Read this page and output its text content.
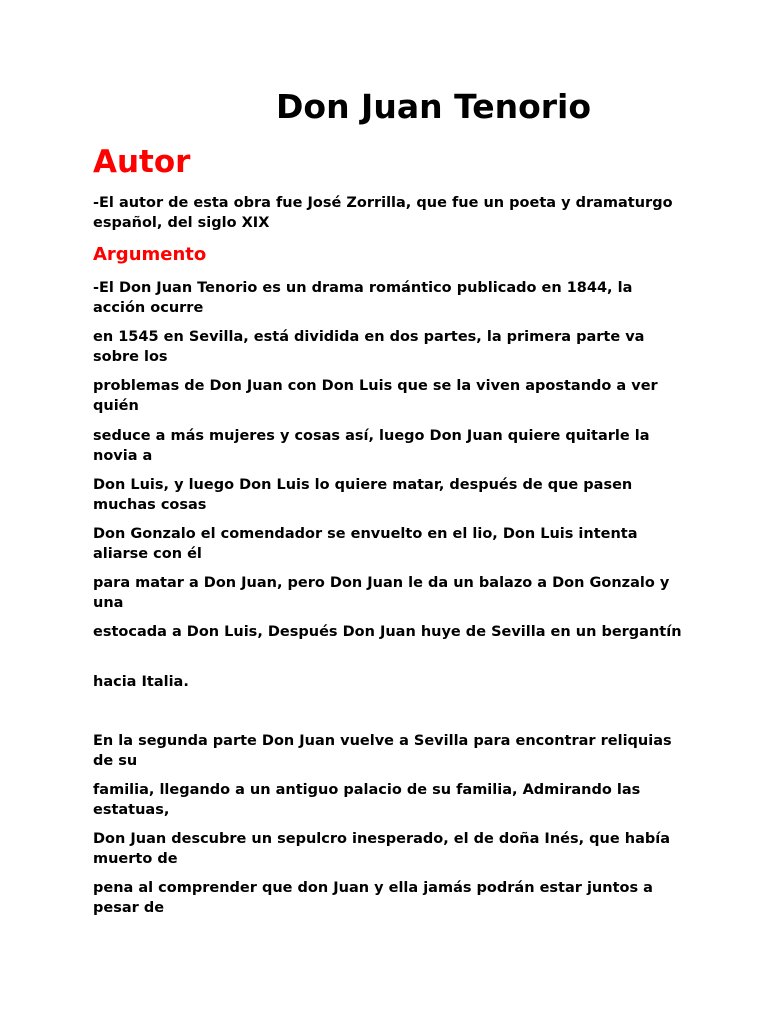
Don Juan Tenorio
Autor

-El autor de esta obra fue José Zorrilla, que fue un poeta y dramaturgo español, del siglo XIX

Argumento

-El Don Juan Tenorio es un drama romántico publicado en 1844, la acción ocurre

en 1545 en Sevilla, está dividida en dos partes, la primera parte va sobre los

problemas de Don Juan con Don Luis que se la viven apostando a ver quién

seduce a más mujeres y cosas así, luego Don Juan quiere quitarle la novia a

Don Luis, y luego Don Luis lo quiere matar, después de que pasen muchas cosas

Don Gonzalo el comendador se envuelto en el lio, Don Luis intenta aliarse con él

para matar a Don Juan, pero Don Juan le da un balazo a Don Gonzalo y una

estocada a Don Luis, Después Don Juan huye de Sevilla en un bergantín

hacia Italia.

En la segunda parte Don Juan vuelve a Sevilla para encontrar reliquias de su

familia, llegando a un antiguo palacio de su familia, Admirando las estatuas,

Don Juan descubre un sepulcro inesperado, el de doña Inés, que había muerto de

pena al comprender que don Juan y ella jamás podrán estar juntos a pesar de
